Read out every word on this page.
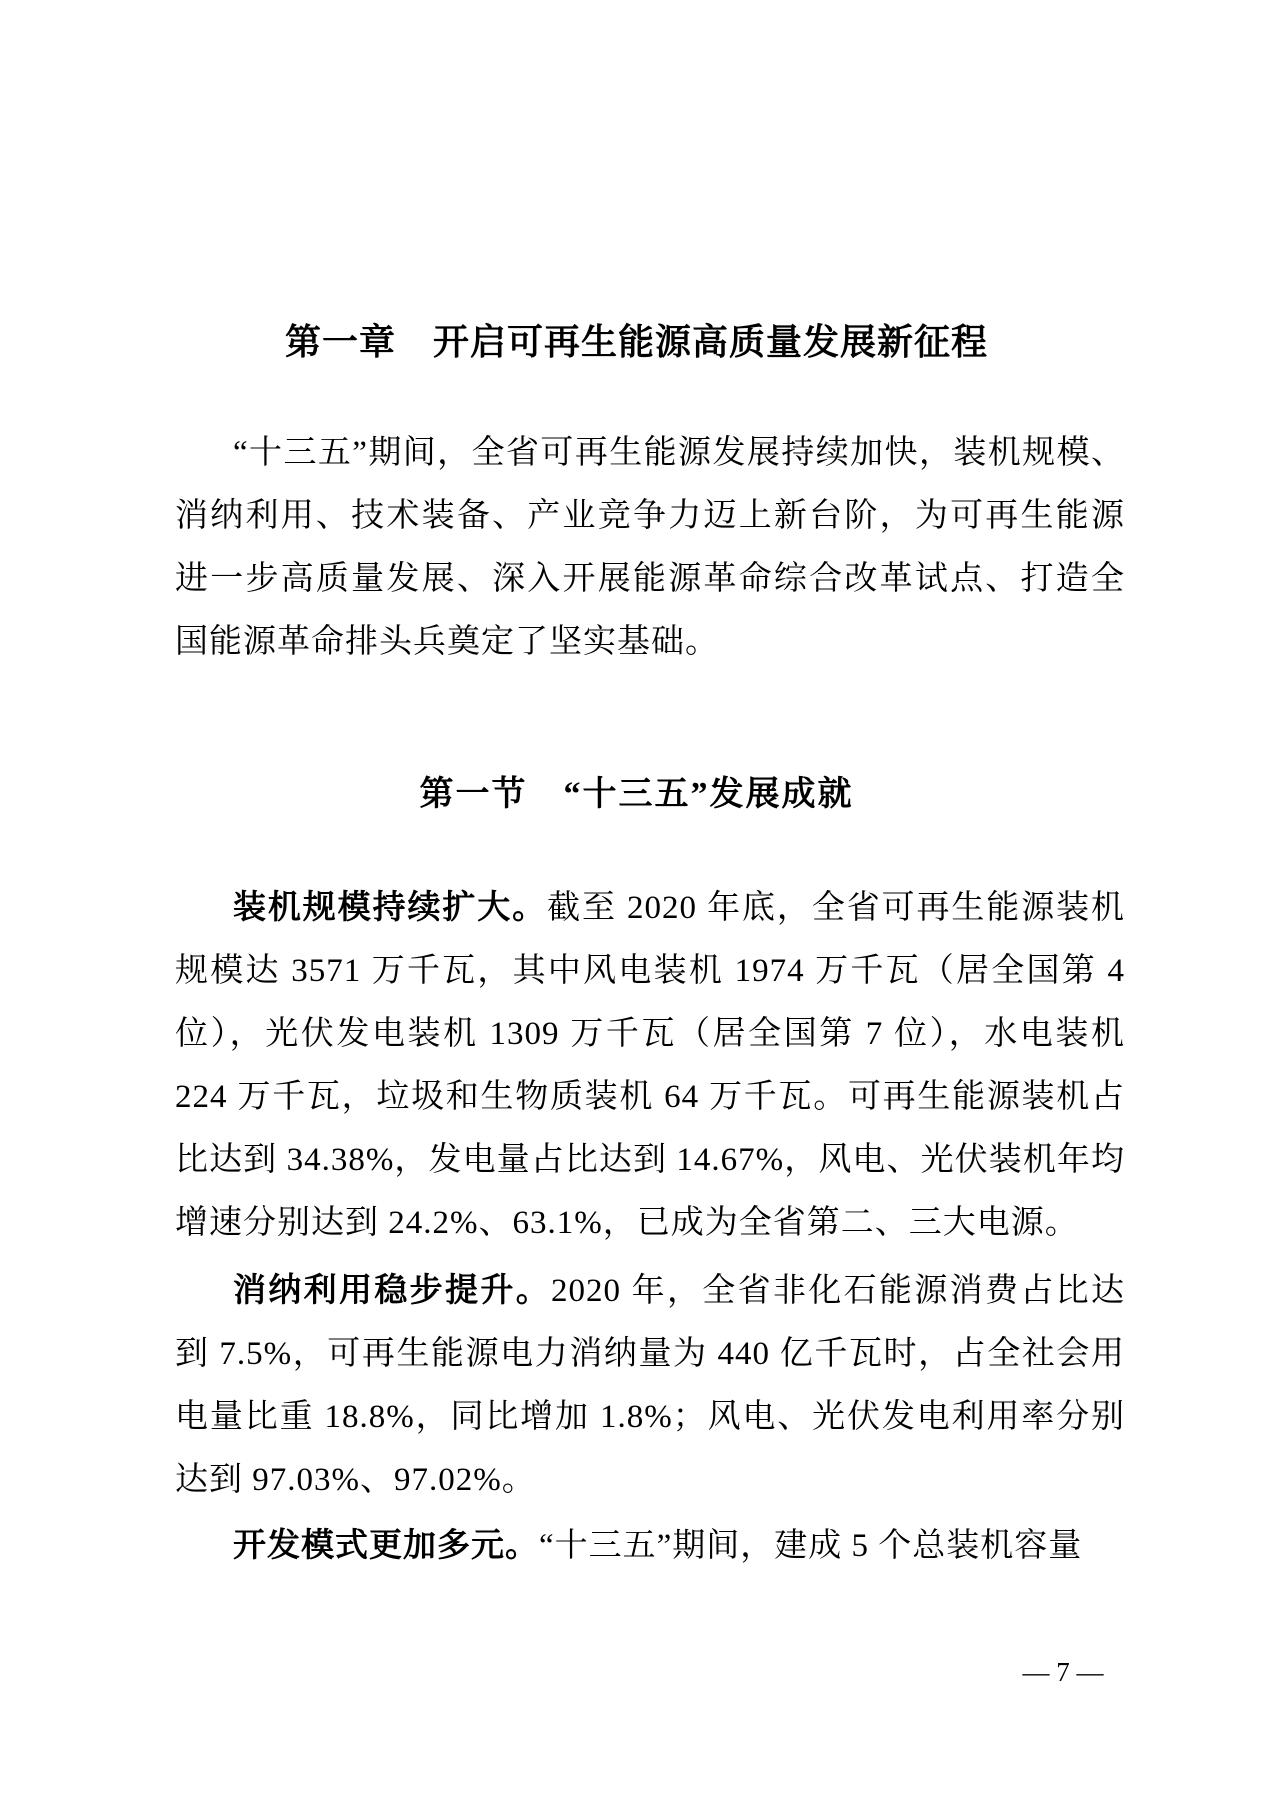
第一章　开启可再生能源高质量发展新征程

“十三五”期间，全省可再生能源发展持续加快，装机规模、消纳利用、技术装备、产业竞争力迈上新台阶，为可再生能源进一步高质量发展、深入开展能源革命综合改革试点、打造全国能源革命排头兵奠定了坚实基础。

第一节　“十三五”发展成就

装机规模持续扩大。截至 2020 年底，全省可再生能源装机规模达 3571 万千瓦，其中风电装机 1974 万千瓦（居全国第 4 位），光伏发电装机 1309 万千瓦（居全国第 7 位），水电装机 224 万千瓦，垃圾和生物质装机 64 万千瓦。可再生能源装机占比达到 34.38%，发电量占比达到 14.67%，风电、光伏装机年均增速分别达到 24.2%、63.1%，已成为全省第二、三大电源。

消纳利用稳步提升。2020 年，全省非化石能源消费占比达到 7.5%，可再生能源电力消纳量为 440 亿千瓦时，占全社会用电量比重 18.8%，同比增加 1.8%；风电、光伏发电利用率分别达到 97.03%、97.02%。

开发模式更加多元。“十三五”期间，建成 5 个总装机容量

— 7 —
